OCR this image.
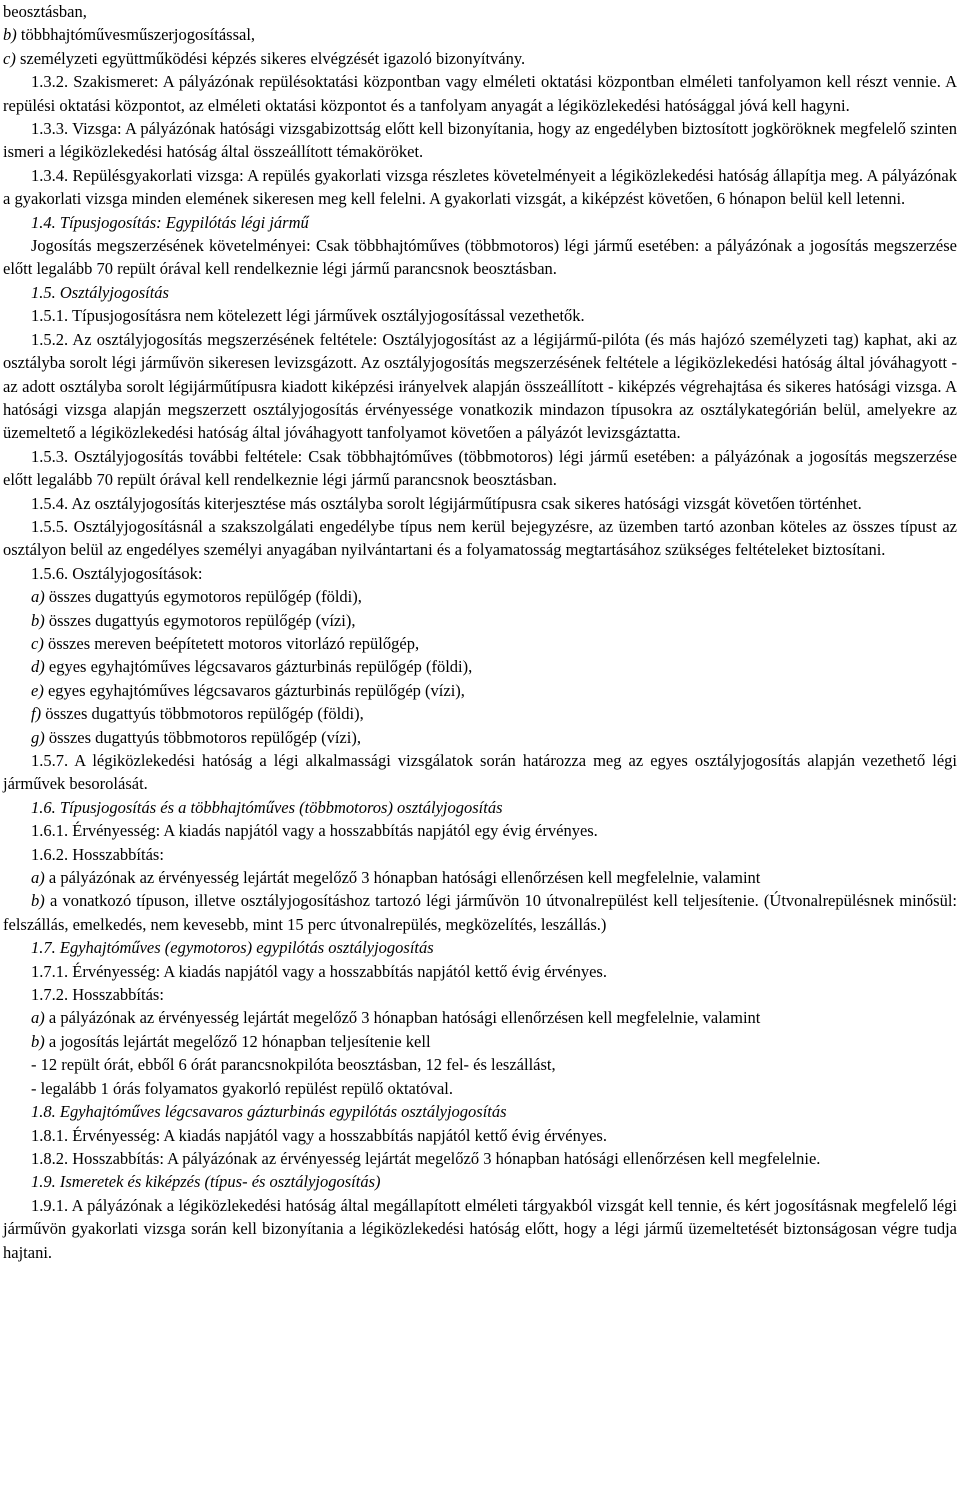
beosztásban,

b) többhajtóművesműszerjogosítással,

c) személyzeti együttműködési képzés sikeres elvégzését igazoló bizonyítvány.

1.3.2. Szakismeret: A pályázónak repülésoktatási központban vagy elméleti oktatási központban elméleti tanfolyamon kell részt vennie. A repülési oktatási központot, az elméleti oktatási központot és a tanfolyam anyagát a légiközlekedési hatósággal jóvá kell hagyni.

1.3.3. Vizsga: A pályázónak hatósági vizsgabizottság előtt kell bizonyítania, hogy az engedélyben biztosított jogköröknek megfelelő szinten ismeri a légiközlekedési hatóság által összeállított témaköröket.

1.3.4. Repülésgyakorlati vizsga: A repülés gyakorlati vizsga részletes követelményeit a légiközlekedési hatóság állapítja meg. A pályázónak a gyakorlati vizsga minden elemének sikeresen meg kell felelni. A gyakorlati vizsgát, a kiképzést követően, 6 hónapon belül kell letenni.

1.4. Típusjogosítás: Egypilótás légi jármű

Jogosítás megszerzésének követelményei: Csak többhajtóműves (többmotoros) légi jármű esetében: a pályázónak a jogosítás megszerzése előtt legalább 70 repült órával kell rendelkeznie légi jármű parancsnok beosztásban.

1.5. Osztályjogosítás

1.5.1. Típusjogosításra nem kötelezett légi járművek osztályjogosítással vezethetők.

1.5.2. Az osztályjogosítás megszerzésének feltétele: Osztályjogosítást az a légijármű-pilóta (és más hajózó személyzeti tag) kaphat, aki az osztályba sorolt légi járművön sikeresen levizsgázott. Az osztályjogosítás megszerzésének feltétele a légiközlekedési hatóság által jóváhagyott - az adott osztályba sorolt légijárműtípusra kiadott kiképzési irányelvek alapján összeállított - kiképzés végrehajtása és sikeres hatósági vizsga. A hatósági vizsga alapján megszerzett osztályjogosítás érvényessége vonatkozik mindazon típusokra az osztálykategórián belül, amelyekre az üzemeltető a légiközlekedési hatóság által jóváhagyott tanfolyamot követően a pályázót levizsgáztatta.

1.5.3. Osztályjogosítás további feltétele: Csak többhajtóműves (többmotoros) légi jármű esetében: a pályázónak a jogosítás megszerzése előtt legalább 70 repült órával kell rendelkeznie légi jármű parancsnok beosztásban.

1.5.4. Az osztályjogosítás kiterjesztése más osztályba sorolt légijárműtípusra csak sikeres hatósági vizsgát követően történhet.

1.5.5. Osztályjogosításnál a szakszolgálati engedélybe típus nem kerül bejegyzésre, az üzemben tartó azonban köteles az összes típust az osztályon belül az engedélyes személyi anyagában nyilvántartani és a folyamatosság megtartásához szükséges feltételeket biztosítani.

1.5.6. Osztályjogosítások:

a) összes dugattyús egymotoros repülőgép (földi),

b) összes dugattyús egymotoros repülőgép (vízi),

c) összes mereven beépítetett motoros vitorlázó repülőgép,

d) egyes egyhajtóműves légcsavaros gázturbinás repülőgép (földi),

e) egyes egyhajtóműves légcsavaros gázturbinás repülőgép (vízi),

f) összes dugattyús többmotoros repülőgép (földi),

g) összes dugattyús többmotoros repülőgép (vízi),

1.5.7. A légiközlekedési hatóság a légi alkalmassági vizsgálatok során határozza meg az egyes osztályjogosítás alapján vezethető légi járművek besorolását.

1.6. Típusjogosítás és a többhajtóműves (többmotoros) osztályjogosítás

1.6.1. Érvényesség: A kiadás napjától vagy a hosszabbítás napjától egy évig érvényes.

1.6.2. Hosszabbítás:

a) a pályázónak az érvényesség lejártát megelőző 3 hónapban hatósági ellenőrzésen kell megfelelnie, valamint

b) a vonatkozó típuson, illetve osztályjogosításhoz tartozó légi járművön 10 útvonalrepülést kell teljesítenie. (Útvonalrepülésnek minősül: felszállás, emelkedés, nem kevesebb, mint 15 perc útvonalrepülés, megközelítés, leszállás.)

1.7. Egyhajtóműves (egymotoros) egypilótás osztályjogosítás

1.7.1. Érvényesség: A kiadás napjától vagy a hosszabbítás napjától kettő évig érvényes.

1.7.2. Hosszabbítás:

a) a pályázónak az érvényesség lejártát megelőző 3 hónapban hatósági ellenőrzésen kell megfelelnie, valamint

b) a jogosítás lejártát megelőző 12 hónapban teljesítenie kell

- 12 repült órát, ebből 6 órát parancsnokpilóta beosztásban, 12 fel- és leszállást,

- legalább 1 órás folyamatos gyakorló repülést repülő oktatóval.

1.8. Egyhajtóműves légcsavaros gázturbinás egypilótás osztályjogosítás

1.8.1. Érvényesség: A kiadás napjától vagy a hosszabbítás napjától kettő évig érvényes.

1.8.2. Hosszabbítás: A pályázónak az érvényesség lejártát megelőző 3 hónapban hatósági ellenőrzésen kell megfelelnie.

1.9. Ismeretek és kiképzés (típus- és osztályjogosítás)

1.9.1. A pályázónak a légiközlekedési hatóság által megállapított elméleti tárgyakból vizsgát kell tennie, és kért jogosításnak megfelelő légi járművön gyakorlati vizsga során kell bizonyítania a légiközlekedési hatóság előtt, hogy a légi jármű üzemeltetését biztonságosan végre tudja hajtani.
